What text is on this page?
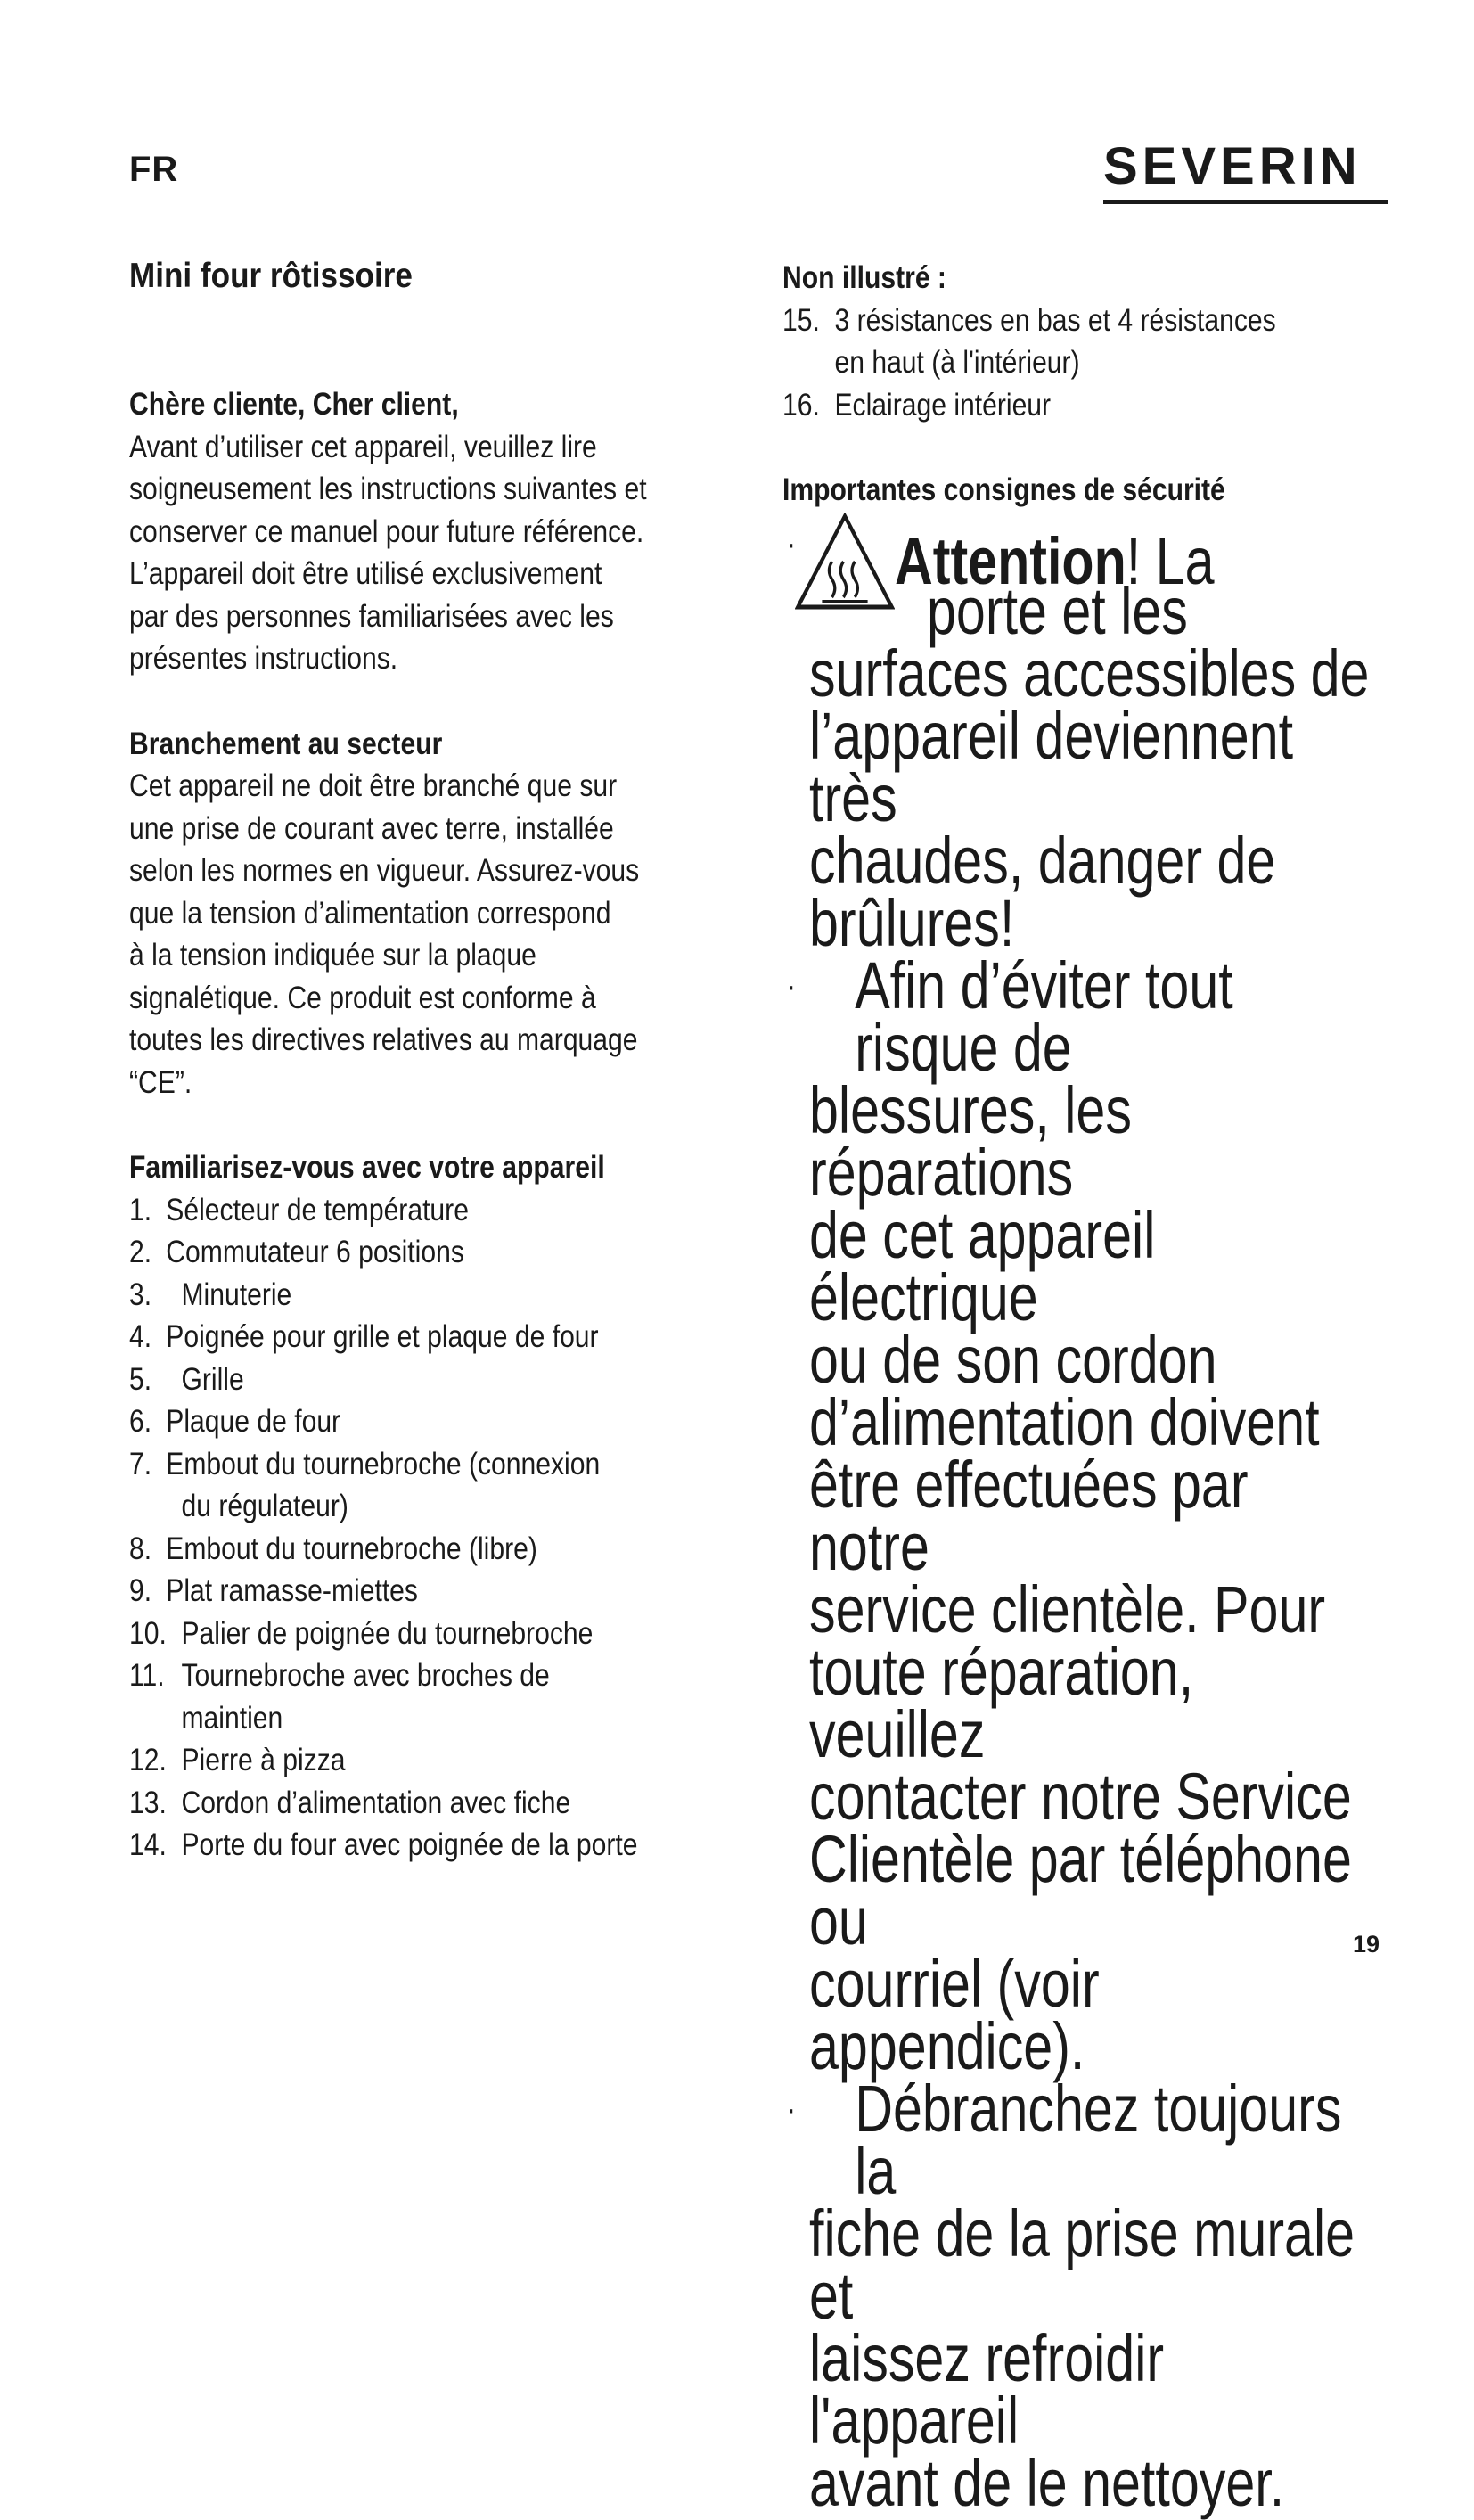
FR	SEVERIN
Mini four rôtissoire
Chère cliente, Cher client,
Avant d’utiliser cet appareil, veuillez lire
soigneusement les instructions suivantes et
conserver ce manuel pour future référence.
L’appareil doit être utilisé exclusivement
par des personnes familiarisées avec les
présentes instructions.
Branchement au secteur
Cet appareil ne doit être branché que sur
une prise de courant avec terre, installée
selon les normes en vigueur. Assurez-vous
que la tension d’alimentation correspond
à la tension indiquée sur la plaque
signalétique. Ce produit est conforme à
toutes les directives relatives au marquage
“CE”.
Familiarisez-vous avec votre appareil
1. Sélecteur de température
2. Commutateur 6 positions
3. Minuterie
4. Poignée pour grille et plaque de four
5. Grille
6. Plaque de four
7. Embout du tournebroche (connexion
du régulateur)
8. Embout du tournebroche (libre)
9. Plat ramasse-miettes
10. Palier de poignée du tournebroche
11. Tournebroche avec broches de
maintien
12. Pierre à pizza
13. Cordon d’alimentation avec fiche
14. Porte du four avec poignée de la porte
Non illustré :
15. 3 résistances en bas et 4 résistances
en haut (à l'intérieur)
16. Eclairage intérieur
Importantes consignes de sécurité
·	Attention! La
porte et les
surfaces accessibles de
l’appareil deviennent très
chaudes, danger de
brûlures!
· Afin d’éviter tout risque de
blessures, les réparations
de cet appareil électrique
ou de son cordon
d’alimentation doivent
être effectuées par notre
service clientèle. Pour
toute réparation, veuillez
contacter notre Service
Clientèle par téléphone ou
courriel (voir appendice).
· Débranchez toujours la
fiche de la prise murale et
laissez refroidir l'appareil
avant de le nettoyer.
19
